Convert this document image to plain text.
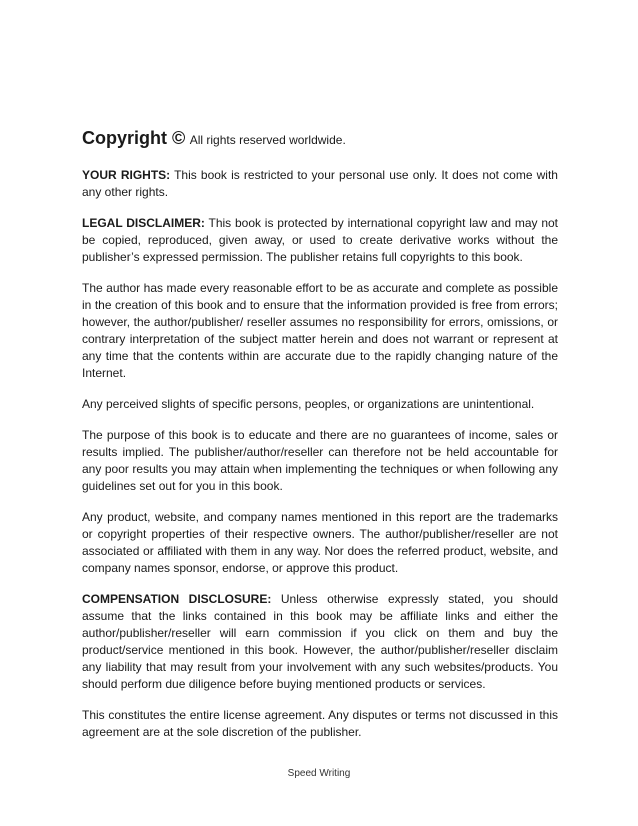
Copyright © All rights reserved worldwide.

YOUR RIGHTS: This book is restricted to your personal use only. It does not come with any other rights.

LEGAL DISCLAIMER: This book is protected by international copyright law and may not be copied, reproduced, given away, or used to create derivative works without the publisher’s expressed permission. The publisher retains full copyrights to this book.

The author has made every reasonable effort to be as accurate and complete as possible in the creation of this book and to ensure that the information provided is free from errors; however, the author/publisher/ reseller assumes no responsibility for errors, omissions, or contrary interpretation of the subject matter herein and does not warrant or represent at any time that the contents within are accurate due to the rapidly changing nature of the Internet.

Any perceived slights of specific persons, peoples, or organizations are unintentional.

The purpose of this book is to educate and there are no guarantees of income, sales or results implied. The publisher/author/reseller can therefore not be held accountable for any poor results you may attain when implementing the techniques or when following any guidelines set out for you in this book.

Any product, website, and company names mentioned in this report are the trademarks or copyright properties of their respective owners. The author/publisher/reseller are not associated or affiliated with them in any way. Nor does the referred product, website, and company names sponsor, endorse, or approve this product.

COMPENSATION DISCLOSURE: Unless otherwise expressly stated, you should assume that the links contained in this book may be affiliate links and either the author/publisher/reseller will earn commission if you click on them and buy the product/service mentioned in this book. However, the author/publisher/reseller disclaim any liability that may result from your involvement with any such websites/products. You should perform due diligence before buying mentioned products or services.

This constitutes the entire license agreement. Any disputes or terms not discussed in this agreement are at the sole discretion of the publisher.

Speed Writing
